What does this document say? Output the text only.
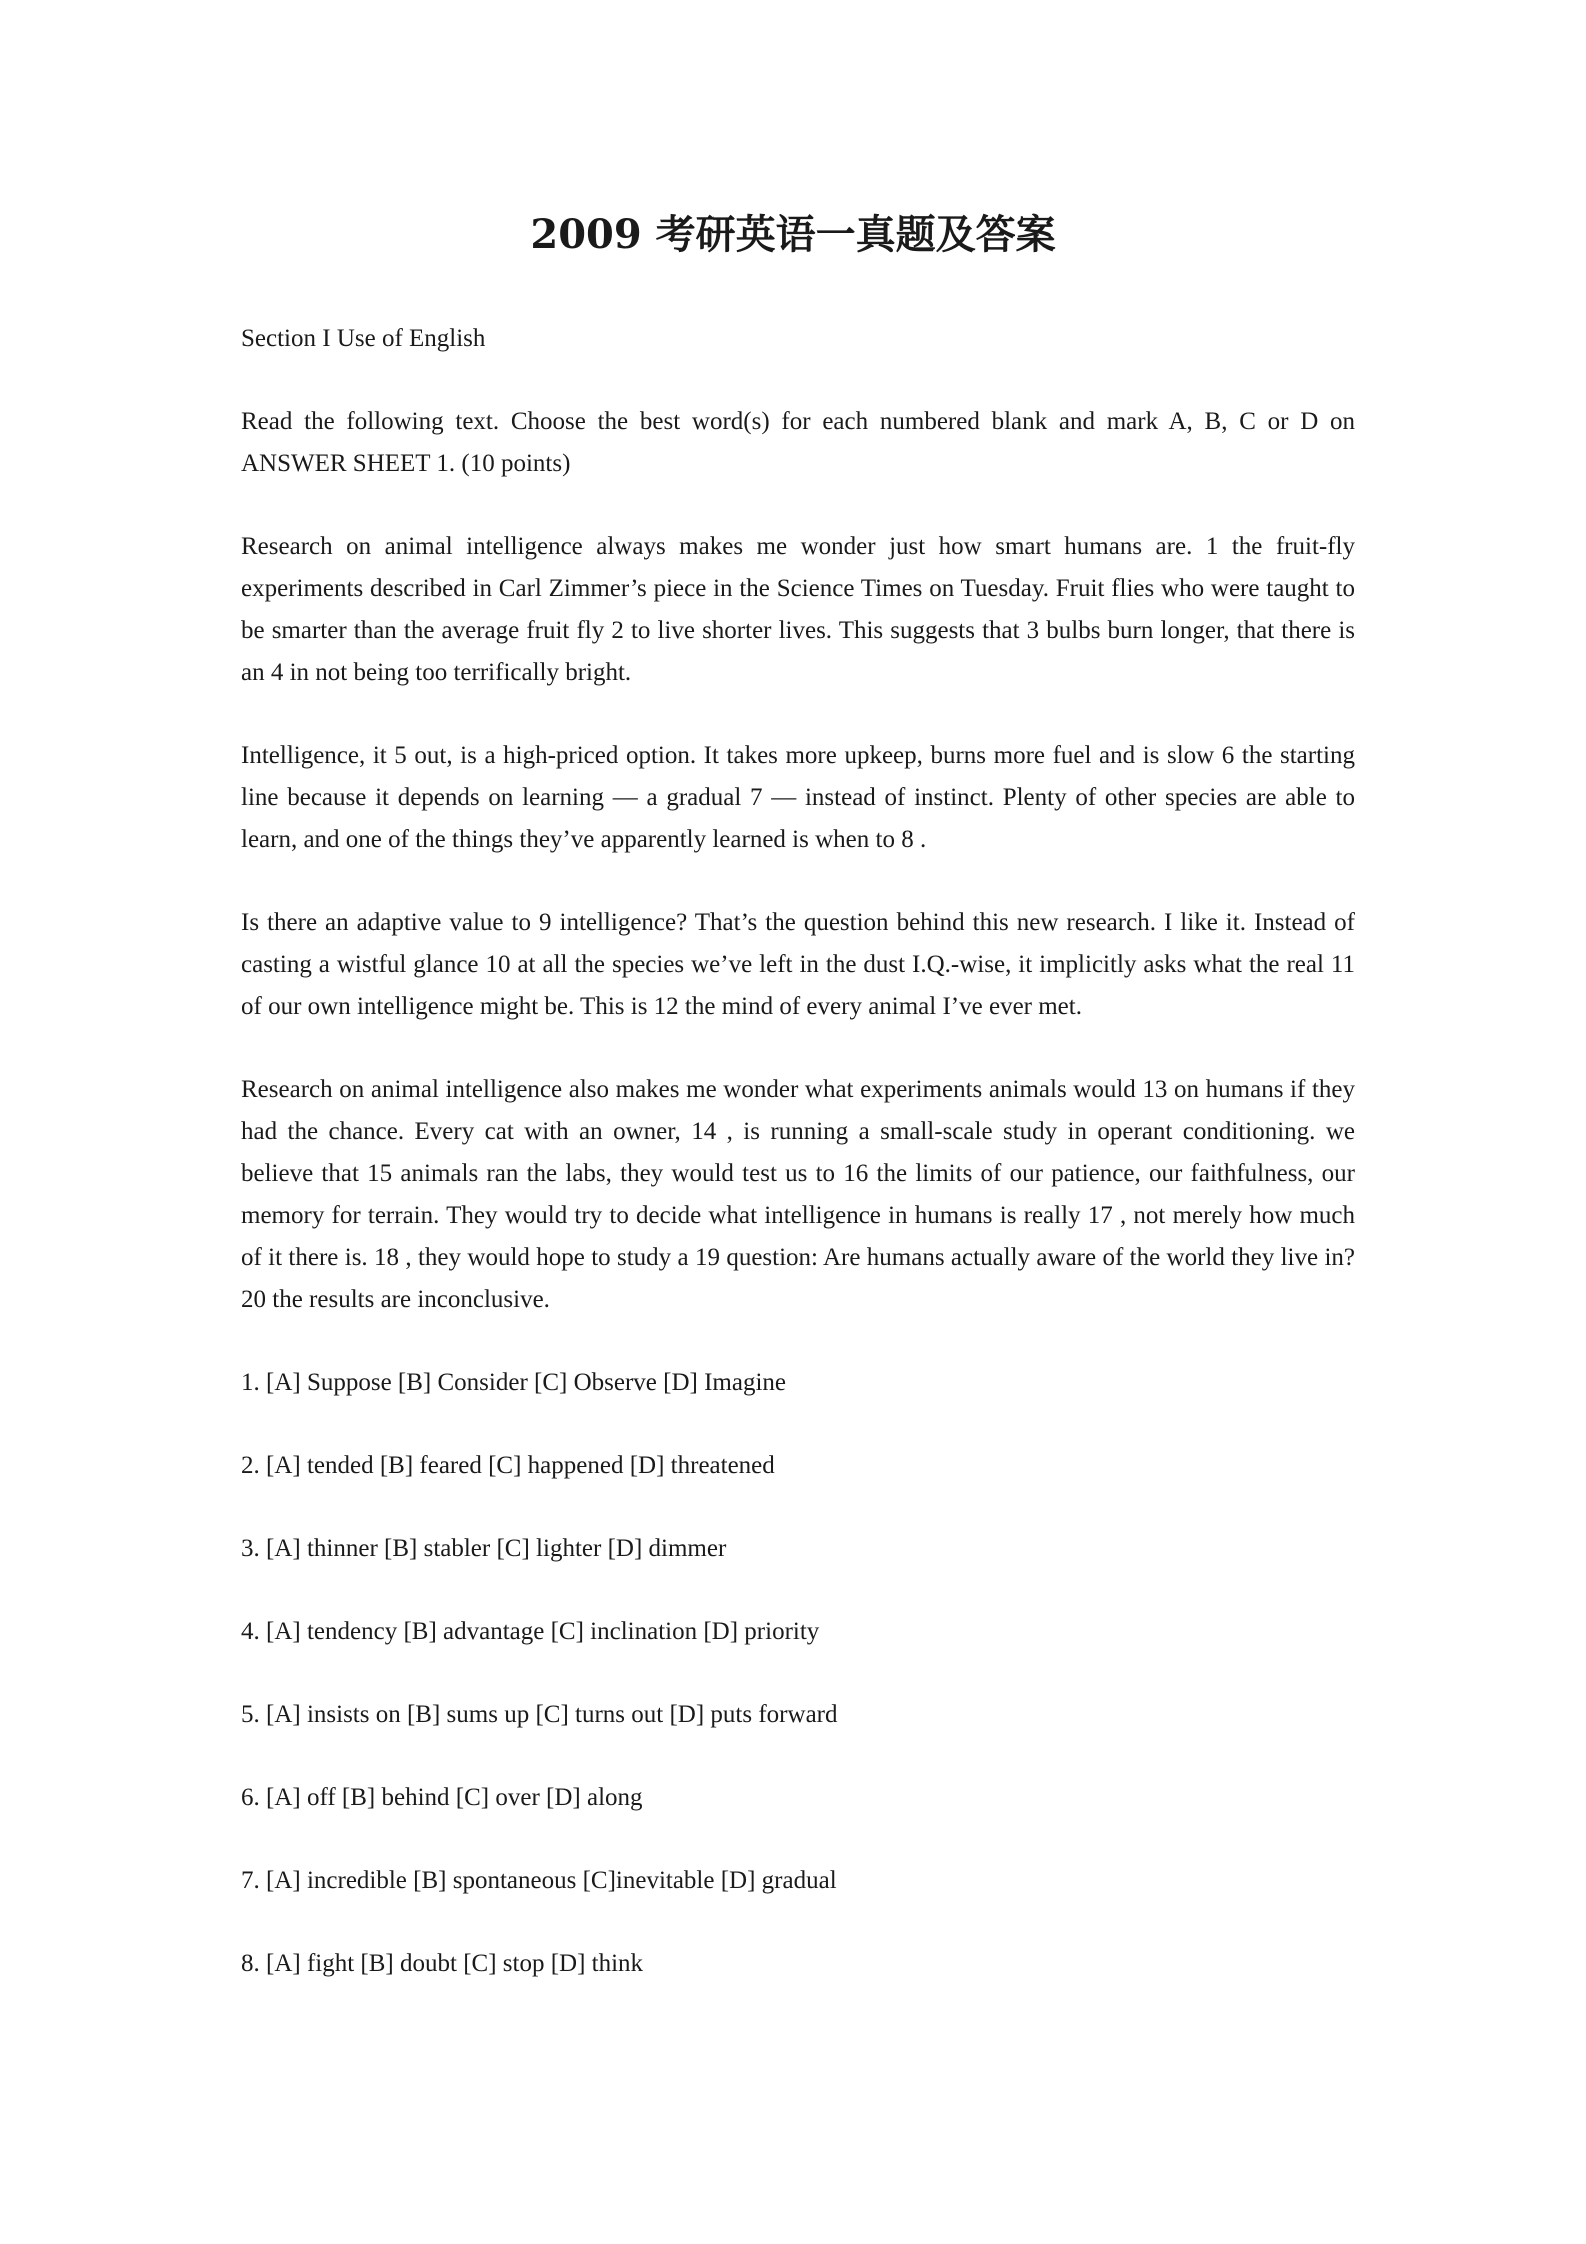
2009 考研英语一真题及答案

Section I Use of English

Read the following text. Choose the best word(s) for each numbered blank and mark A, B, C or D on ANSWER SHEET 1. (10 points)

Research on animal intelligence always makes me wonder just how smart humans are. 1 the fruit-fly experiments described in Carl Zimmer’s piece in the Science Times on Tuesday. Fruit flies who were taught to be smarter than the average fruit fly 2 to live shorter lives. This suggests that 3 bulbs burn longer, that there is an 4 in not being too terrifically bright.

Intelligence, it 5 out, is a high-priced option. It takes more upkeep, burns more fuel and is slow 6 the starting line because it depends on learning — a gradual 7 — instead of instinct. Plenty of other species are able to learn, and one of the things they’ve apparently learned is when to 8 .

Is there an adaptive value to 9 intelligence? That’s the question behind this new research. I like it. Instead of casting a wistful glance 10 at all the species we’ve left in the dust I.Q.-wise, it implicitly asks what the real 11 of our own intelligence might be. This is 12 the mind of every animal I’ve ever met.

Research on animal intelligence also makes me wonder what experiments animals would 13 on humans if they had the chance. Every cat with an owner, 14 , is running a small-scale study in operant conditioning. we believe that 15 animals ran the labs, they would test us to 16 the limits of our patience, our faithfulness, our memory for terrain. They would try to decide what intelligence in humans is really 17 , not merely how much of it there is. 18 , they would hope to study a 19 question: Are humans actually aware of the world they live in? 20 the results are inconclusive.

1. [A] Suppose [B] Consider [C] Observe [D] Imagine

2. [A] tended [B] feared [C] happened [D] threatened

3. [A] thinner [B] stabler [C] lighter [D] dimmer

4. [A] tendency [B] advantage [C] inclination [D] priority

5. [A] insists on [B] sums up [C] turns out [D] puts forward

6. [A] off [B] behind [C] over [D] along

7. [A] incredible [B] spontaneous [C]inevitable [D] gradual

8. [A] fight [B] doubt [C] stop [D] think
